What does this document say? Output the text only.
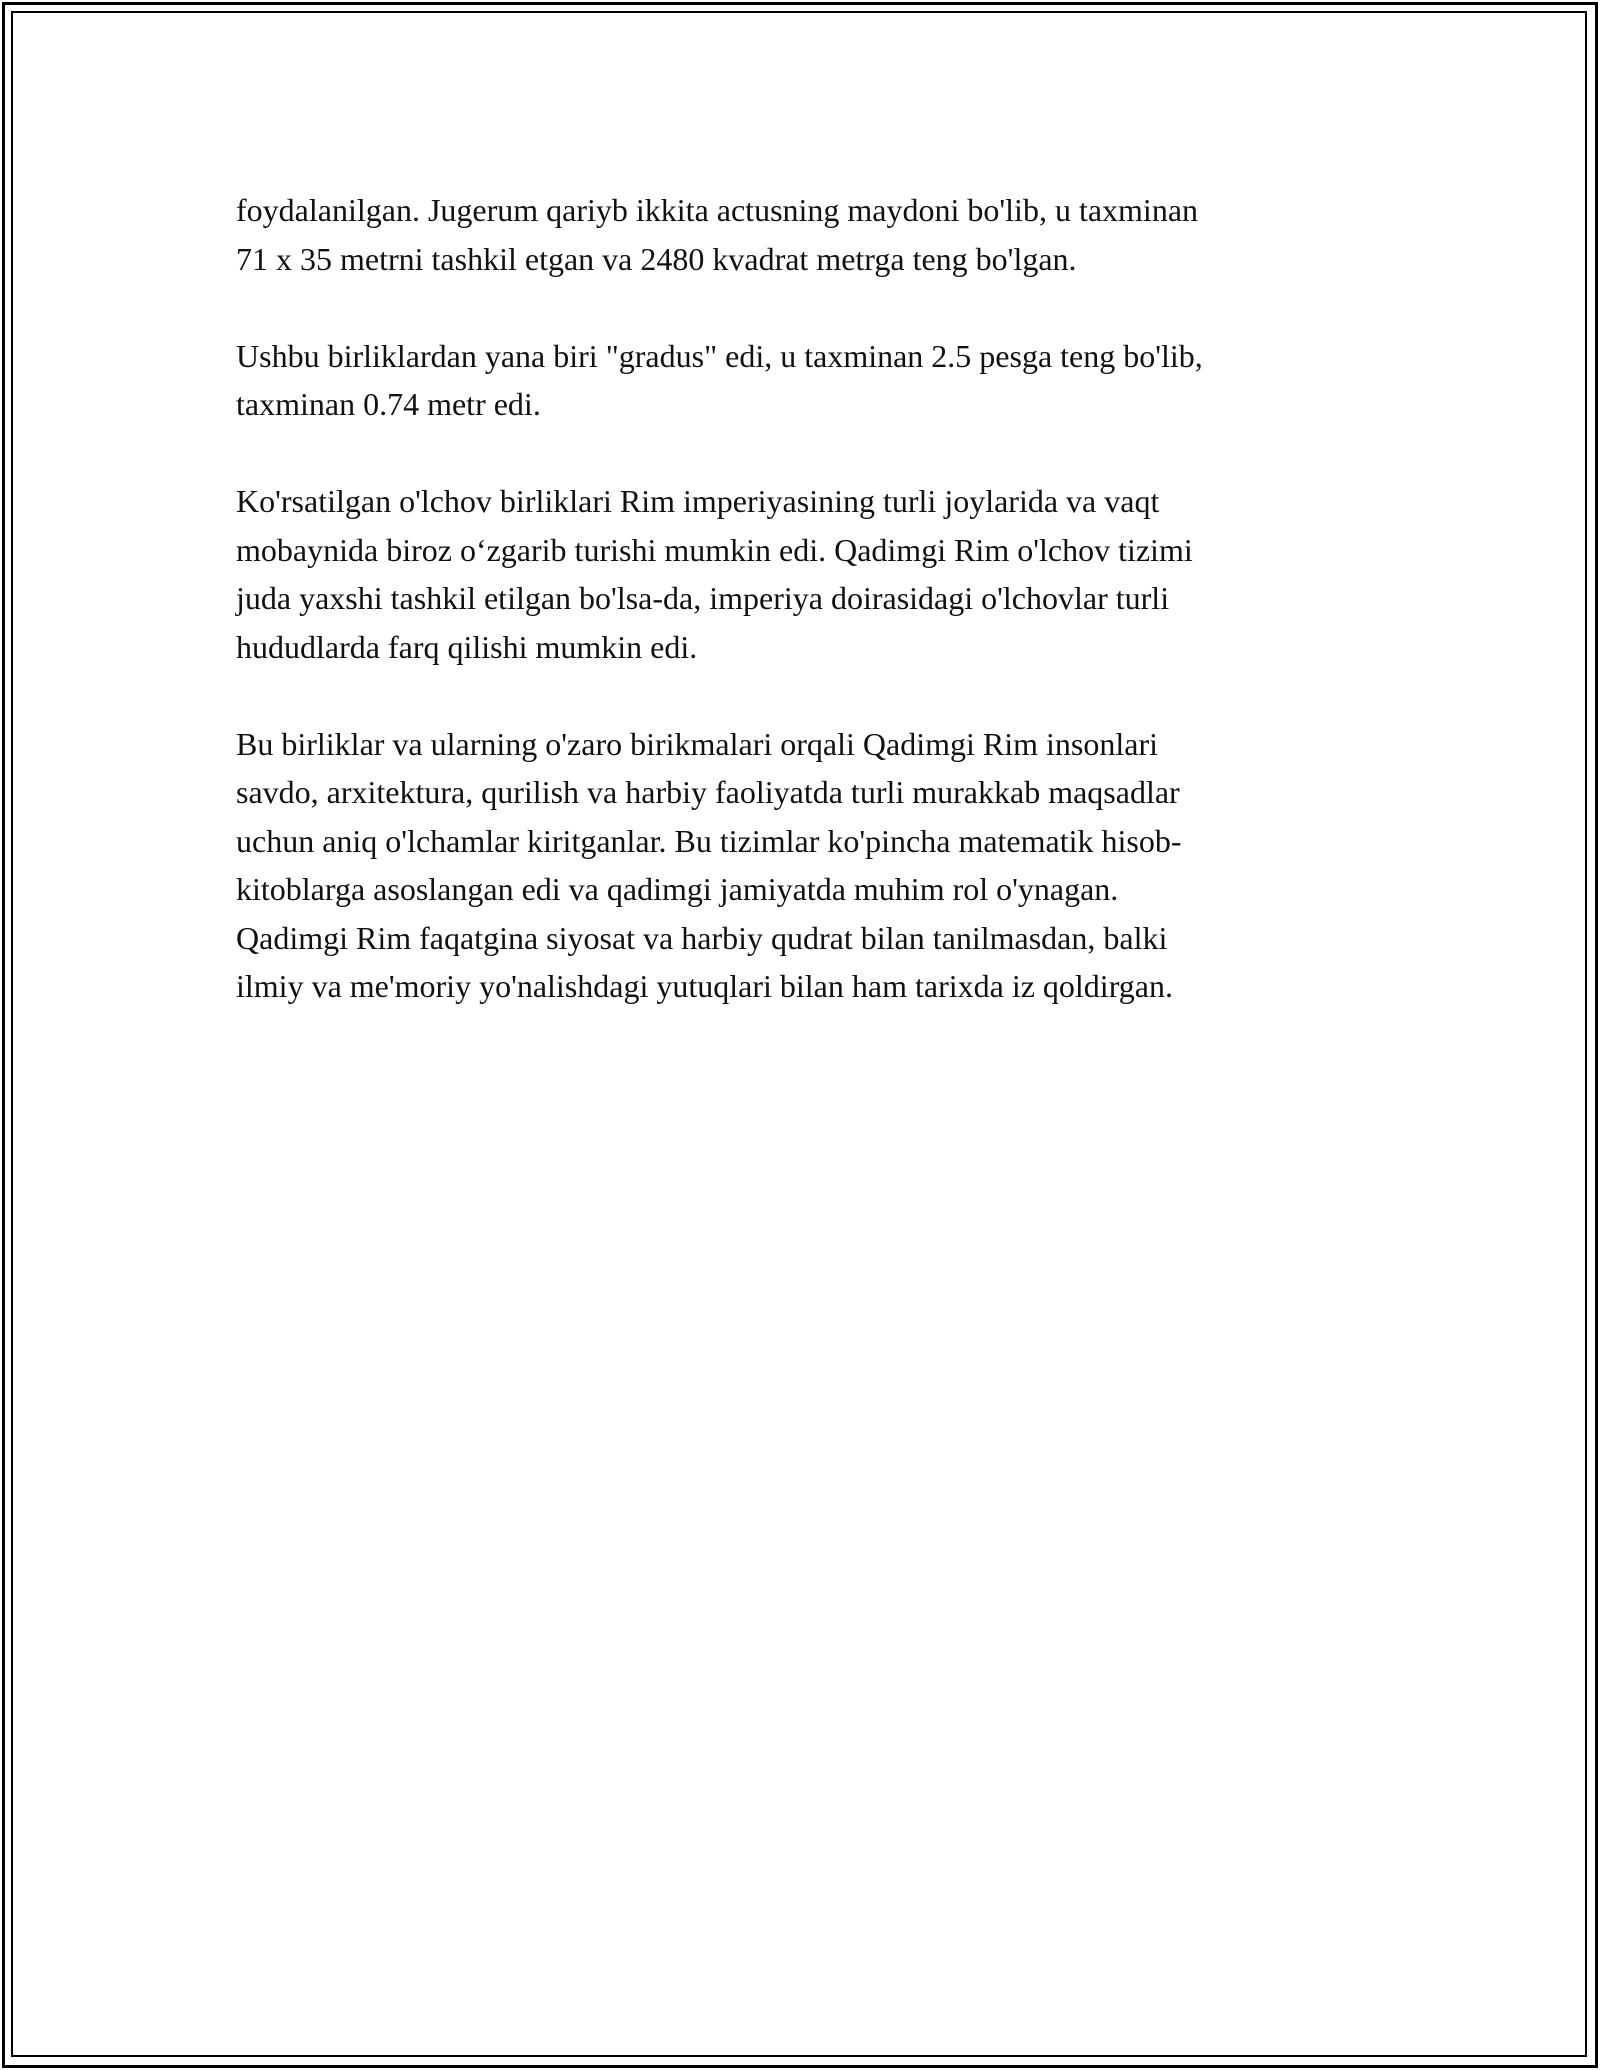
foydalanilgan. Jugerum qariyb ikkita actusning maydoni bo'lib, u taxminan
71 x 35 metrni tashkil etgan va 2480 kvadrat metrga teng bo'lgan.

Ushbu birliklardan yana biri "gradus" edi, u taxminan 2.5 pesga teng bo'lib,
taxminan 0.74 metr edi.

Ko'rsatilgan o'lchov birliklari Rim imperiyasining turli joylarida va vaqt
mobaynida biroz o‘zgarib turishi mumkin edi. Qadimgi Rim o'lchov tizimi
juda yaxshi tashkil etilgan bo'lsa-da, imperiya doirasidagi o'lchovlar turli
hududlarda farq qilishi mumkin edi.

Bu birliklar va ularning o'zaro birikmalari orqali Qadimgi Rim insonlari
savdo, arxitektura, qurilish va harbiy faoliyatda turli murakkab maqsadlar
uchun aniq o'lchamlar kiritganlar. Bu tizimlar ko'pincha matematik hisob-
kitoblarga asoslangan edi va qadimgi jamiyatda muhim rol o'ynagan.
Qadimgi Rim faqatgina siyosat va harbiy qudrat bilan tanilmasdan, balki
ilmiy va me'moriy yo'nalishdagi yutuqlari bilan ham tarixda iz qoldirgan.
